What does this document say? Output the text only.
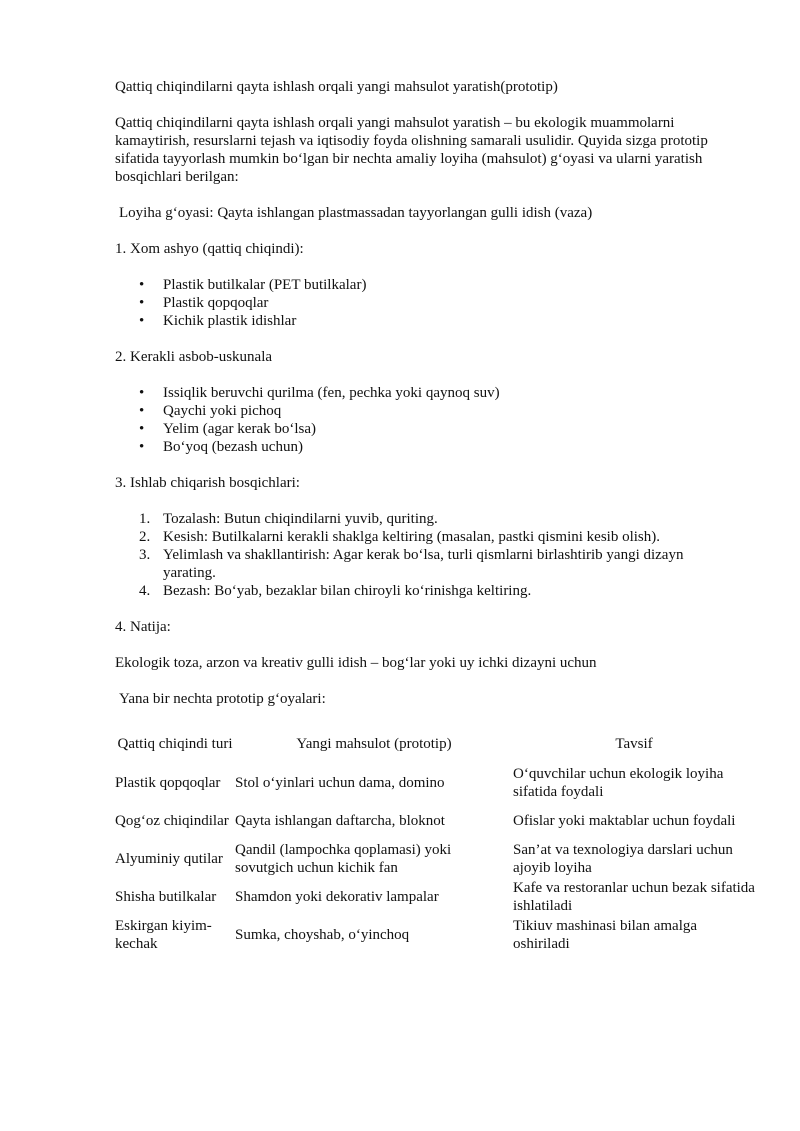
Qattiq chiqindilarni qayta ishlash orqali yangi mahsulot yaratish(prototip)

Qattiq chiqindilarni qayta ishlash orqali yangi mahsulot yaratish – bu ekologik muammolarni kamaytirish, resurslarni tejash va iqtisodiy foyda olishning samarali usulidir. Quyida sizga prototip sifatida tayyorlash mumkin bo‘lgan bir nechta amaliy loyiha (mahsulot) g‘oyasi va ularni yaratish bosqichlari berilgan:

Loyiha g‘oyasi: Qayta ishlangan plastmassadan tayyorlangan gulli idish (vaza)

1. Xom ashyo (qattiq chiqindi):

• Plastik butilkalar (PET butilkalar)
• Plastik qopqoqlar
• Kichik plastik idishlar

2. Kerakli asbob-uskunala

• Issiqlik beruvchi qurilma (fen, pechka yoki qaynoq suv)
• Qaychi yoki pichoq
• Yelim (agar kerak bo‘lsa)
• Bo‘yoq (bezash uchun)

3. Ishlab chiqarish bosqichlari:

1. Tozalash: Butun chiqindilarni yuvib, quriting.
2. Kesish: Butilkalarni kerakli shaklga keltiring (masalan, pastki qismini kesib olish).
3. Yelimlash va shakllantirish: Agar kerak bo‘lsa, turli qismlarni birlashtirib yangi dizayn yarating.
4. Bezash: Bo‘yab, bezaklar bilan chiroyli ko‘rinishga keltiring.

4. Natija:

Ekologik toza, arzon va kreativ gulli idish – bog‘lar yoki uy ichki dizayni uchun

Yana bir nechta prototip g‘oyalari:

Qattiq chiqindi turi	Yangi mahsulot (prototip)	Tavsif
Plastik qopqoqlar	Stol o‘yinlari uchun dama, domino	O‘quvchilar uchun ekologik loyiha sifatida foydali
Qog‘oz chiqindilar	Qayta ishlangan daftarcha, bloknot	Ofislar yoki maktablar uchun foydali
Alyuminiy qutilar	Qandil (lampochka qoplamasi) yoki sovutgich uchun kichik fan	San’at va texnologiya darslari uchun ajoyib loyiha
Shisha butilkalar	Shamdon yoki dekorativ lampalar	Kafe va restoranlar uchun bezak sifatida ishlatiladi
Eskirgan kiyim-kechak	Sumka, choyshab, o‘yinchoq	Tikiuv mashinasi bilan amalga oshiriladi
